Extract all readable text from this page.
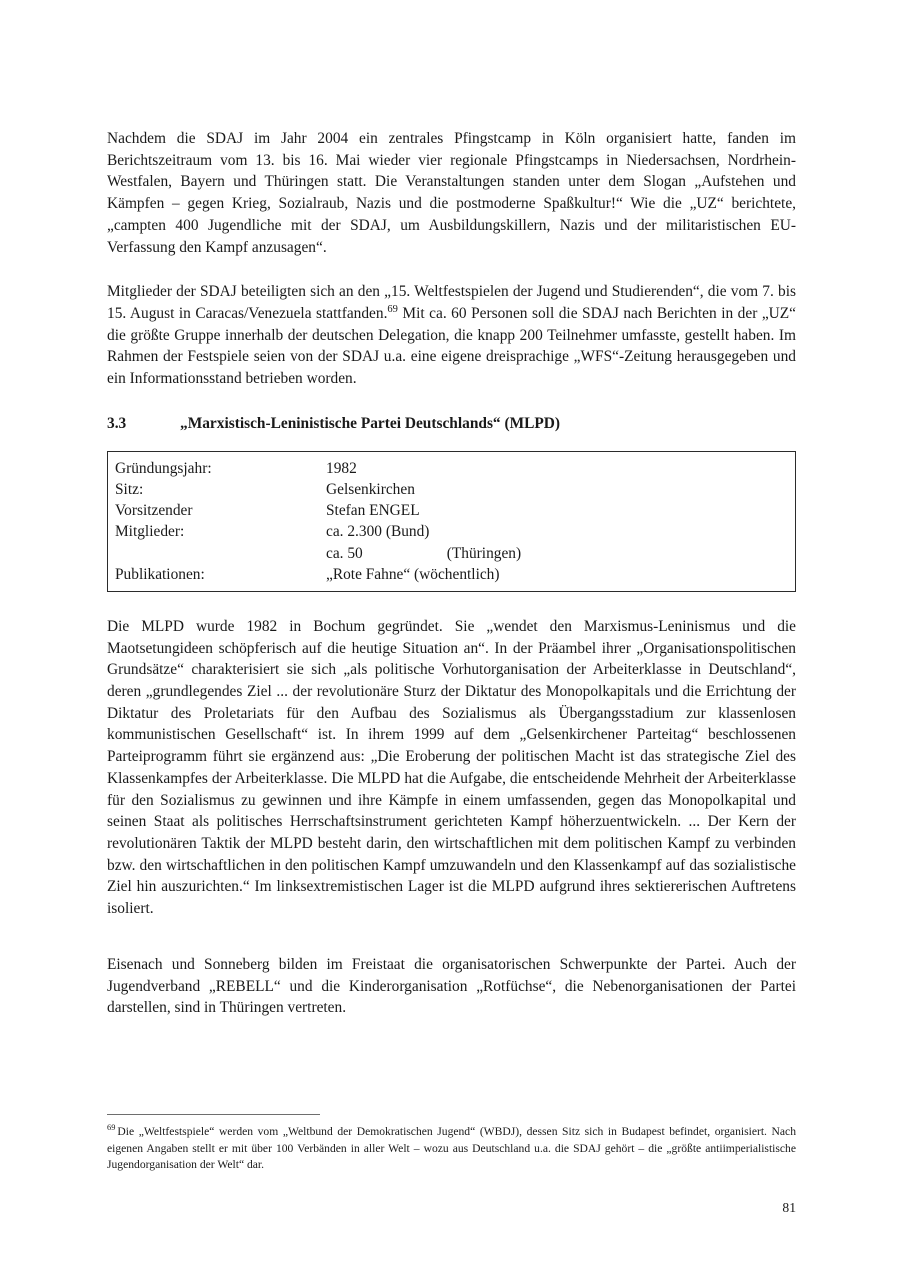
Nachdem die SDAJ im Jahr 2004 ein zentrales Pfingstcamp in Köln organisiert hatte, fanden im Berichtszeitraum vom 13. bis 16. Mai wieder vier regionale Pfingstcamps in Niedersachsen, Nordrhein-Westfalen, Bayern und Thüringen statt. Die Veranstaltungen standen unter dem Slogan „Aufstehen und Kämpfen – gegen Krieg, Sozialraub, Nazis und die postmoderne Spaßkultur!“ Wie die „UZ“ berichtete, „campten 400 Jugendliche mit der SDAJ, um Ausbildungskillern, Nazis und der militaristischen EU-Verfassung den Kampf anzusagen“.

Mitglieder der SDAJ beteiligten sich an den „15. Weltfestspielen der Jugend und Studierenden“, die vom 7. bis 15. August in Caracas/Venezuela stattfanden.$^{69}$ Mit ca. 60 Personen soll die SDAJ nach Berichten in der „UZ“ die größte Gruppe innerhalb der deutschen Delegation, die knapp 200 Teilnehmer umfasste, gestellt haben. Im Rahmen der Festspiele seien von der SDAJ u.a. eine eigene dreisprachige „WFS“-Zeitung herausgegeben und ein Informationsstand betrieben worden.

3.3	„Marxistisch-Leninistische Partei Deutschlands“ (MLPD)
Gründungsjahr:	1982
Sitz:	Gelsenkirchen
Vorsitzender	Stefan ENGEL
Mitglieder:	ca. 2.300 (Bund)
	ca. 50 (Thüringen)
Publikationen:	„Rote Fahne“ (wöchentlich)

Die MLPD wurde 1982 in Bochum gegründet. Sie „wendet den Marxismus-Leninismus und die Maotsetungideen schöpferisch auf die heutige Situation an“. In der Präambel ihrer „Organisationspolitischen Grundsätze“ charakterisiert sie sich „als politische Vorhutorganisation der Arbeiterklasse in Deutschland“, deren „grundlegendes Ziel ... der revolutionäre Sturz der Diktatur des Monopolkapitals und die Errichtung der Diktatur des Proletariats für den Aufbau des Sozialismus als Übergangsstadium zur klassenlosen kommunistischen Gesellschaft“ ist. In ihrem 1999 auf dem „Gelsenkirchener Parteitag“ beschlossenen Parteiprogramm führt sie ergänzend aus: „Die Eroberung der politischen Macht ist das strategische Ziel des Klassenkampfes der Arbeiterklasse. Die MLPD hat die Aufgabe, die entscheidende Mehrheit der Arbeiterklasse für den Sozialismus zu gewinnen und ihre Kämpfe in einem umfassenden, gegen das Monopolkapital und seinen Staat als politisches Herrschaftsinstrument gerichteten Kampf höherzuentwickeln. ... Der Kern der revolutionären Taktik der MLPD besteht darin, den wirtschaftlichen mit dem politischen Kampf zu verbinden bzw. den wirtschaftlichen in den politischen Kampf umzuwandeln und den Klassenkampf auf das sozialistische Ziel hin auszurichten.“ Im linksextremistischen Lager ist die MLPD aufgrund ihres sektiererischen Auftretens isoliert.

Eisenach und Sonneberg bilden im Freistaat die organisatorischen Schwerpunkte der Partei. Auch der Jugendverband „REBELL“ und die Kinderorganisation „Rotfüchse“, die Nebenorganisationen der Partei darstellen, sind in Thüringen vertreten.

$^{69}$ Die „Weltfestspiele“ werden vom „Weltbund der Demokratischen Jugend“ (WBDJ), dessen Sitz sich in Budapest befindet, organisiert. Nach eigenen Angaben stellt er mit über 100 Verbänden in aller Welt – wozu aus Deutschland u.a. die SDAJ gehört – die „größte antiimperialistische Jugendorganisation der Welt“ dar.

81
